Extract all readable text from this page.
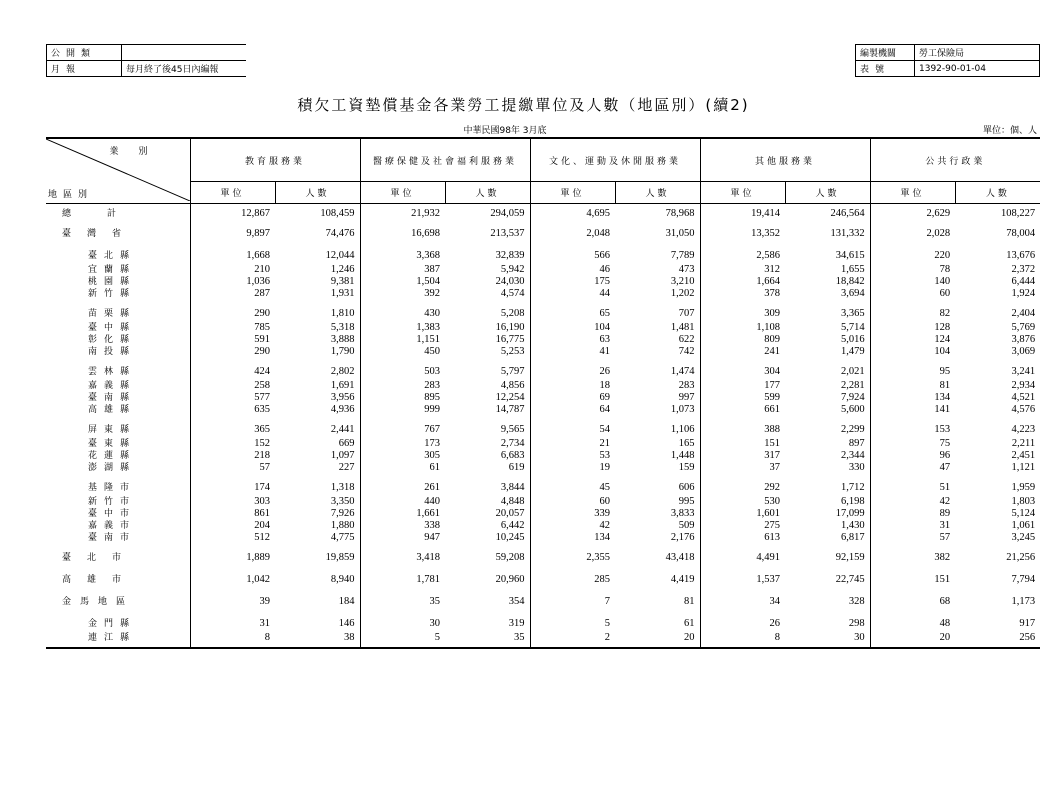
公開類	
月報	每月終了後45日內編報
編製機關	勞工保險局
表號	1392-90-01-04
積欠工資墊償基金各業勞工提繳單位及人數（地區別）(續2)
中華民國98年 3月底	單位：個、人
業別
地區別	教育服務業		醫療保健及社會福利服務業		文化、運動及休閒服務業		其他服務業		公共行政業	
	單位	人數	單位	人數	單位	人數	單位	人數	單位	人數
總計	12,867	108,459	21,932	294,059	4,695	78,968	19,414	246,564	2,629	108,227
臺灣省	9,897	74,476	16,698	213,537	2,048	31,050	13,352	131,332	2,028	78,004
臺北縣	1,668	12,044	3,368	32,839	566	7,789	2,586	34,615	220	13,676
宜蘭縣	210	1,246	387	5,942	46	473	312	1,655	78	2,372
桃園縣	1,036	9,381	1,504	24,030	175	3,210	1,664	18,842	140	6,444
新竹縣	287	1,931	392	4,574	44	1,202	378	3,694	60	1,924
苗栗縣	290	1,810	430	5,208	65	707	309	3,365	82	2,404
臺中縣	785	5,318	1,383	16,190	104	1,481	1,108	5,714	128	5,769
彰化縣	591	3,888	1,151	16,775	63	622	809	5,016	124	3,876
南投縣	290	1,790	450	5,253	41	742	241	1,479	104	3,069
雲林縣	424	2,802	503	5,797	26	1,474	304	2,021	95	3,241
嘉義縣	258	1,691	283	4,856	18	283	177	2,281	81	2,934
臺南縣	577	3,956	895	12,254	69	997	599	7,924	134	4,521
高雄縣	635	4,936	999	14,787	64	1,073	661	5,600	141	4,576
屏東縣	365	2,441	767	9,565	54	1,106	388	2,299	153	4,223
臺東縣	152	669	173	2,734	21	165	151	897	75	2,211
花蓮縣	218	1,097	305	6,683	53	1,448	317	2,344	96	2,451
澎湖縣	57	227	61	619	19	159	37	330	47	1,121
基隆市	174	1,318	261	3,844	45	606	292	1,712	51	1,959
新竹市	303	3,350	440	4,848	60	995	530	6,198	42	1,803
臺中市	861	7,926	1,661	20,057	339	3,833	1,601	17,099	89	5,124
嘉義市	204	1,880	338	6,442	42	509	275	1,430	31	1,061
臺南市	512	4,775	947	10,245	134	2,176	613	6,817	57	3,245
臺北市	1,889	19,859	3,418	59,208	2,355	43,418	4,491	92,159	382	21,256
高雄市	1,042	8,940	1,781	20,960	285	4,419	1,537	22,745	151	7,794
金馬地區	39	184	35	354	7	81	34	328	68	1,173
金門縣	31	146	30	319	5	61	26	298	48	917
連江縣	8	38	5	35	2	20	8	30	20	256
